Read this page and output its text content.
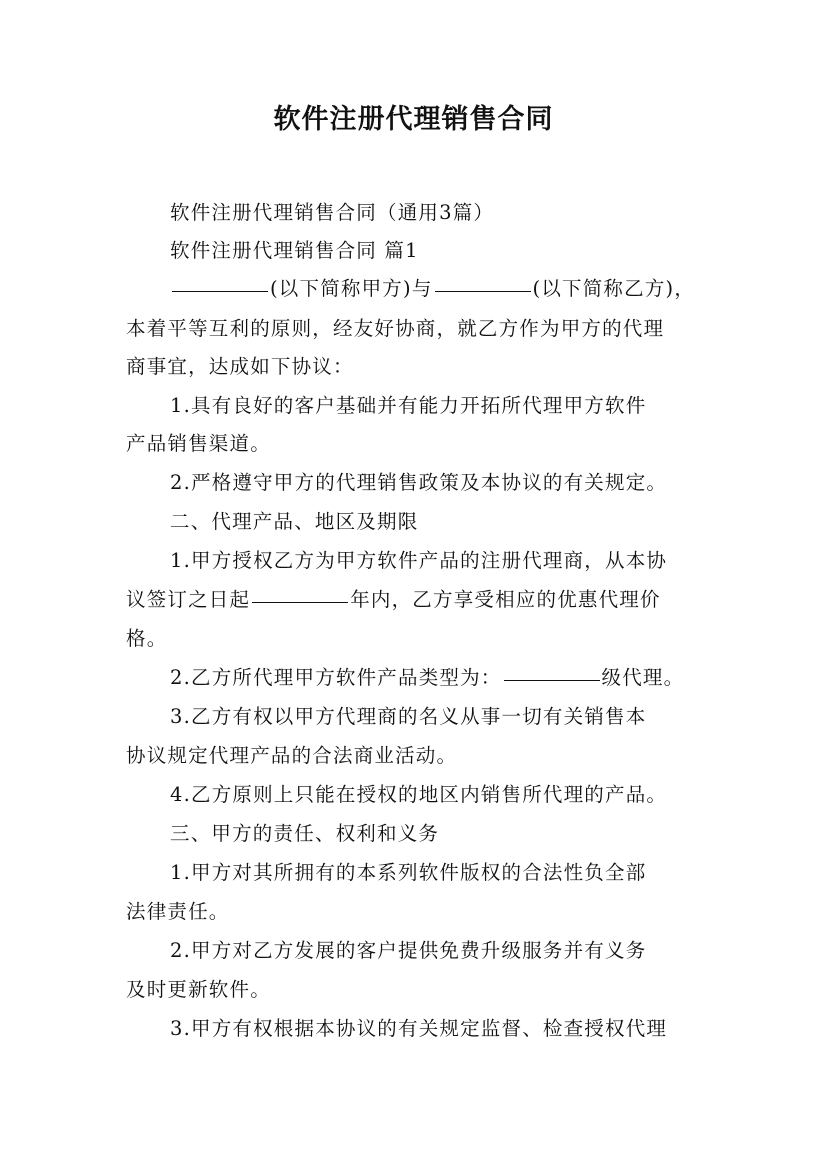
软件注册代理销售合同
软件注册代理销售合同（通用3篇）
软件注册代理销售合同 篇1
(以下简称甲方)与	(以下简称乙方)，
本着平等互利的原则，经友好协商，就乙方作为甲方的代理
商事宜，达成如下协议：
1.具有良好的客户基础并有能力开拓所代理甲方软件
产品销售渠道。
2.严格遵守甲方的代理销售政策及本协议的有关规定。
二、代理产品、地区及期限
1.甲方授权乙方为甲方软件产品的注册代理商，从本协
议签订之日起	年内，乙方享受相应的优惠代理价
格。
2.乙方所代理甲方软件产品类型为：	级代理。
3.乙方有权以甲方代理商的名义从事一切有关销售本
协议规定代理产品的合法商业活动。
4.乙方原则上只能在授权的地区内销售所代理的产品。
三、甲方的责任、权利和义务
1.甲方对其所拥有的本系列软件版权的合法性负全部
法律责任。
2.甲方对乙方发展的客户提供免费升级服务并有义务
及时更新软件。
3.甲方有权根据本协议的有关规定监督、检查授权代理
